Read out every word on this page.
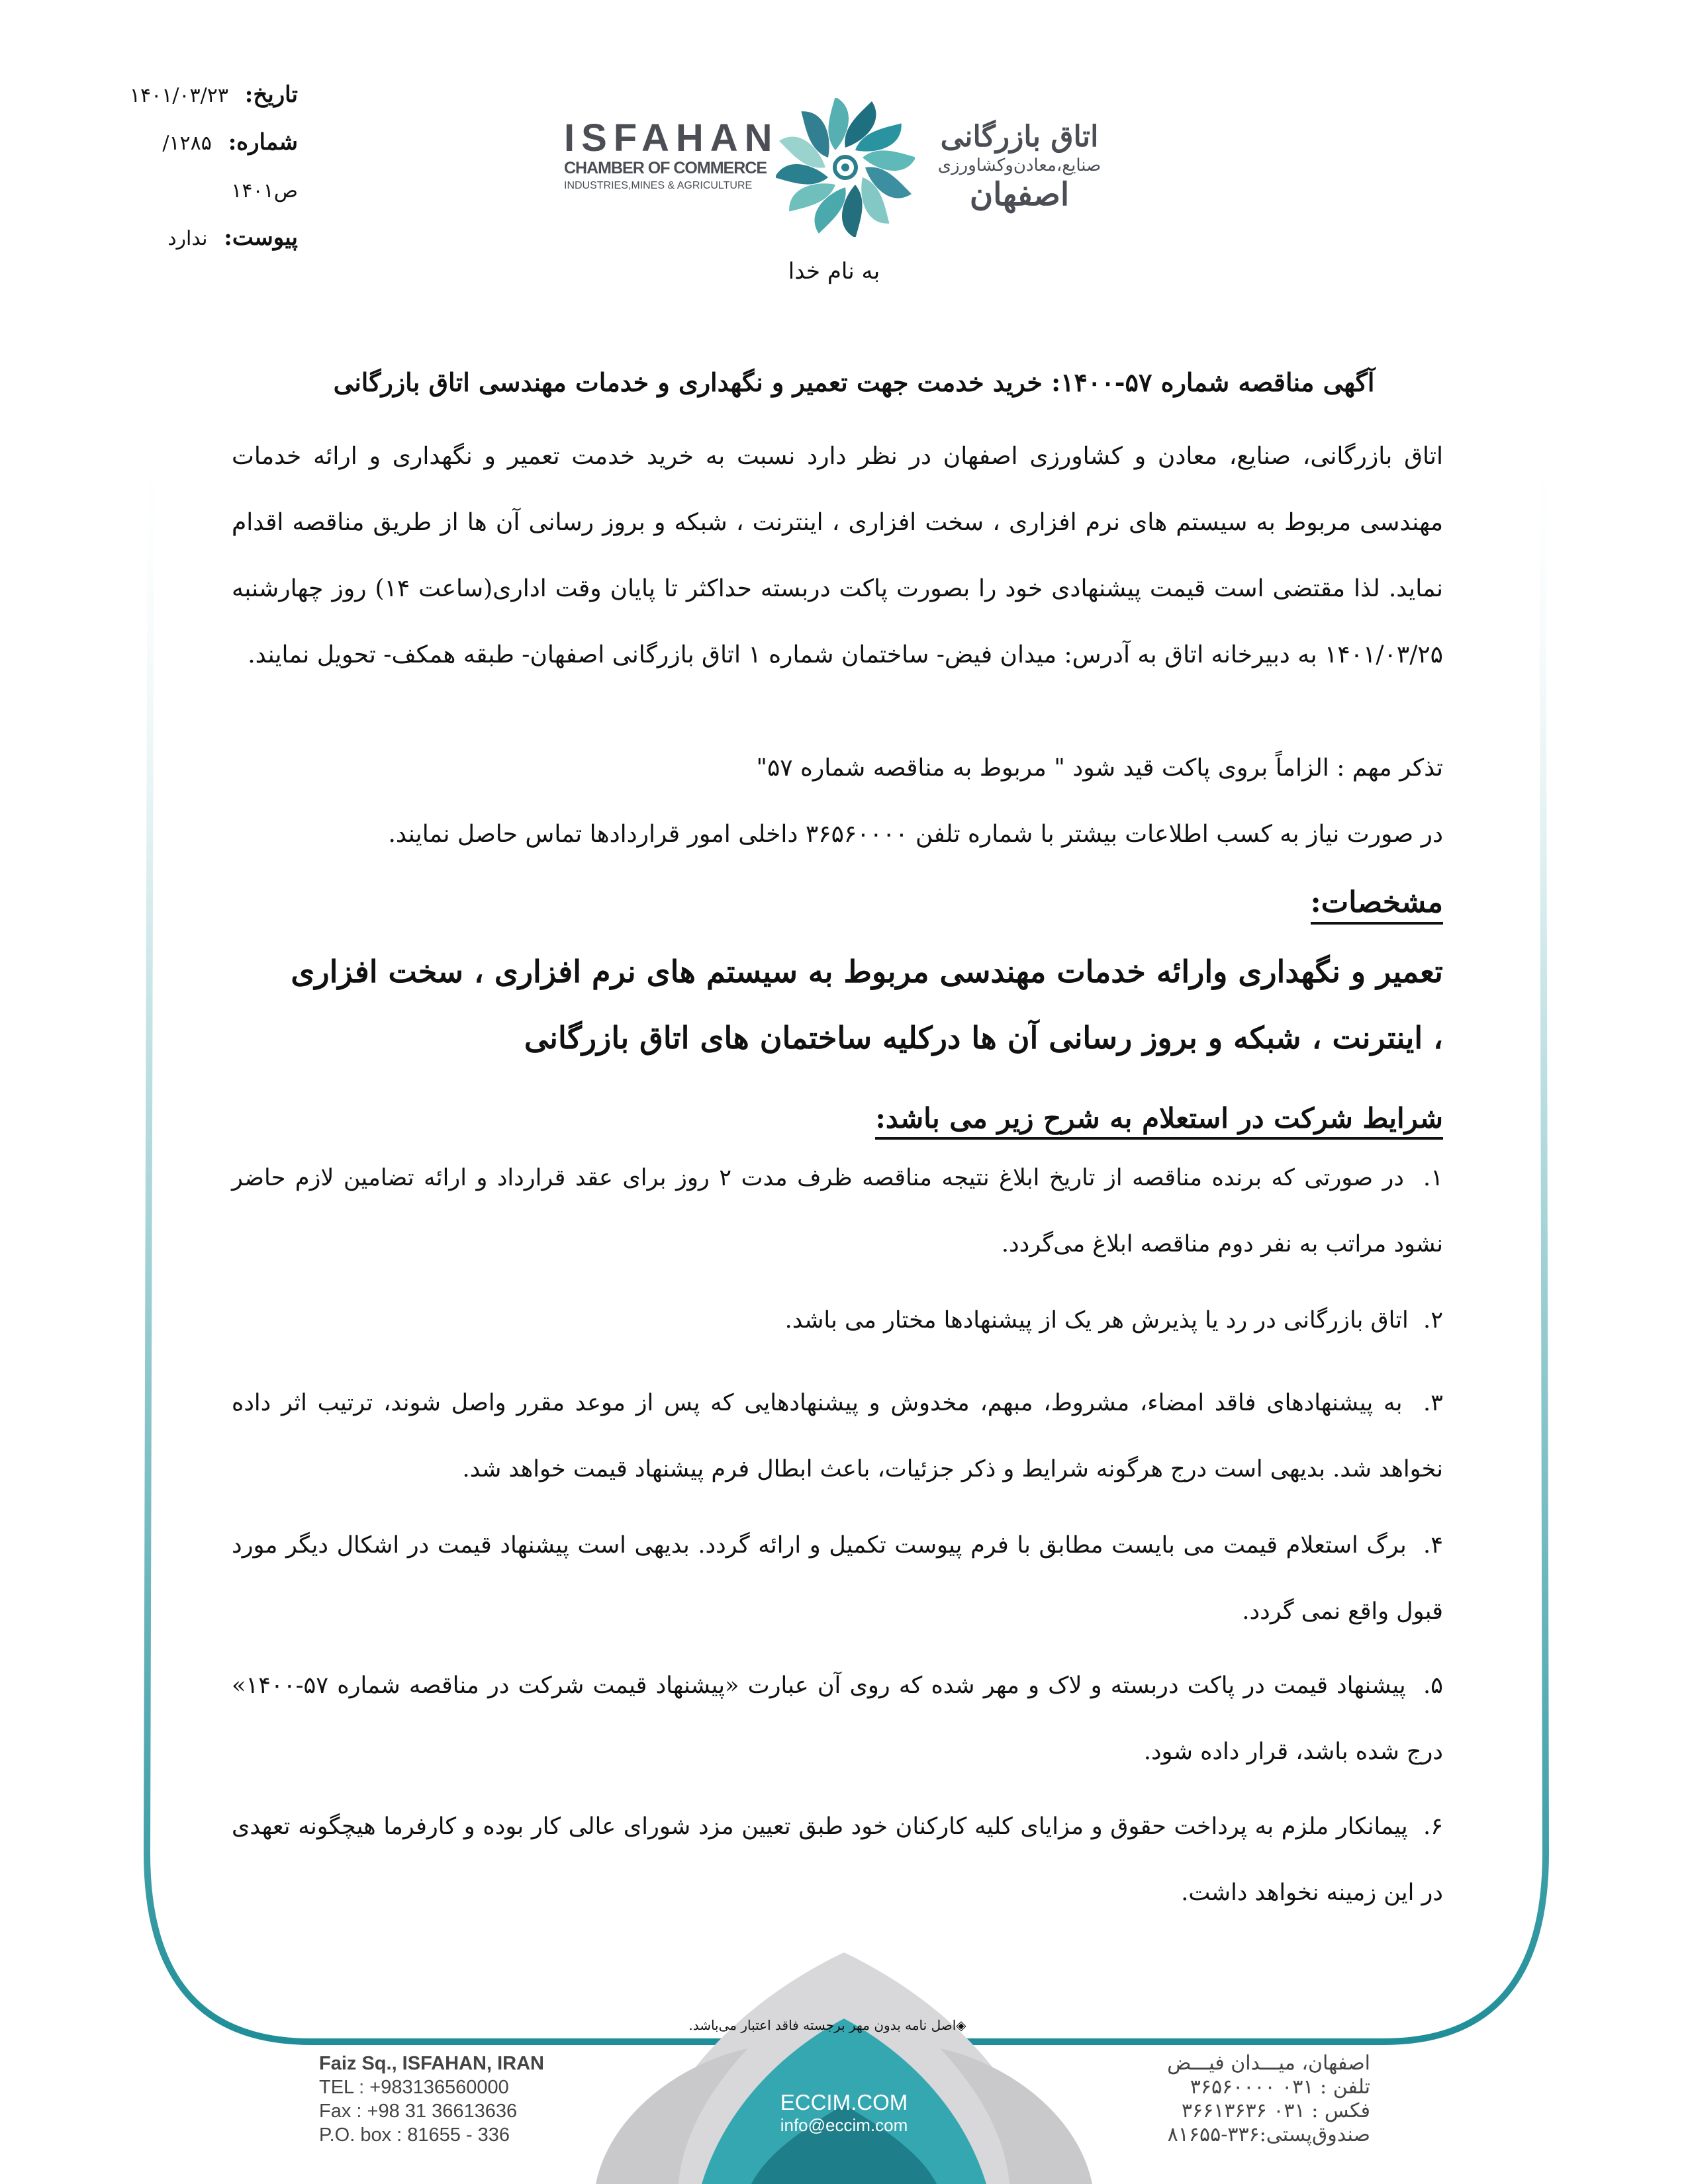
تاریخ: ۱۴۰۱/۰۳/۲۳
شماره: ۱۲۸۵/ص۱۴۰۱
پیوست: ندارد
ISFAHAN
CHAMBER OF COMMERCE
INDUSTRIES,MINES & AGRICULTURE
اتاق بازرگانی
صنایع،معادن‌وکشاورزی
اصفهان
به نام خدا
آگهی مناقصه شماره ۵۷-۱۴۰۰: خرید خدمت جهت تعمیر و نگهداری و خدمات مهندسی اتاق بازرگانی
اتاق بازرگانی، صنایع، معادن و کشاورزی اصفهان در نظر دارد نسبت به خرید خدمت تعمیر و نگهداری و ارائه خدمات مهندسی مربوط به سیستم های نرم افزاری ، سخت افزاری ، اینترنت ، شبکه و بروز رسانی آن ها از طریق مناقصه اقدام نماید. لذا مقتضی است قیمت پیشنهادی خود را بصورت پاکت دربسته حداکثر تا پایان وقت اداری(ساعت ۱۴) روز چهارشنبه ۱۴۰۱/۰۳/۲۵ به دبیرخانه اتاق به آدرس: میدان فیض- ساختمان شماره ۱ اتاق بازرگانی اصفهان- طبقه همکف- تحویل نمایند.
تذکر مهم : الزاماً بروی پاکت قید شود " مربوط به مناقصه شماره ۵۷"
در صورت نیاز به کسب اطلاعات بیشتر با شماره تلفن ۳۶۵۶۰۰۰۰ داخلی امور قراردادها تماس حاصل نمایند.
مشخصات:
تعمیر و نگهداری وارائه خدمات مهندسی مربوط به سیستم های نرم افزاری ، سخت افزاری ، اینترنت ، شبکه و بروز رسانی آن ها درکلیه ساختمان های اتاق بازرگانی
شرایط شرکت در استعلام به شرح زیر می باشد:
۱.  در صورتی که برنده مناقصه از تاریخ ابلاغ نتیجه مناقصه ظرف مدت ۲ روز برای عقد قرارداد و ارائه تضامین لازم حاضر نشود مراتب به نفر دوم مناقصه ابلاغ می‌گردد.
۲.  اتاق بازرگانی در رد یا پذیرش هر یک از پیشنهادها مختار می باشد.
۳.  به پیشنهادهای فاقد امضاء، مشروط، مبهم، مخدوش و پیشنهادهایی که پس از موعد مقرر واصل شوند، ترتیب اثر داده نخواهد شد. بدیهی است درج هرگونه شرایط و ذکر جزئیات، باعث ابطال فرم پیشنهاد قیمت خواهد شد.
۴.  برگ استعلام قیمت می بایست مطابق با فرم پیوست تکمیل و ارائه گردد. بدیهی است پیشنهاد قیمت در اشکال دیگر مورد قبول واقع نمی گردد.
۵.  پیشنهاد قیمت در پاکت دربسته و لاک و مهر شده که روی آن عبارت «پیشنهاد قیمت شرکت در مناقصه شماره ۵۷-۱۴۰۰» درج شده باشد، قرار داده شود.
۶.  پیمانکار ملزم به پرداخت حقوق و مزایای کلیه کارکنان خود طبق تعیین مزد شورای عالی کار بوده و کارفرما هیچگونه تعهدی در این زمینه نخواهد داشت.
◈اصل نامه بدون مهر برجسته فاقد اعتبار می‌باشد.
Faiz Sq., ISFAHAN, IRAN
TEL : +983136560000
Fax : +98 31 36613636
P.O. box : 81655 - 336
ECCIM.COM
info@eccim.com
اصفهان، میـــدان فیـــض
تلفن : ۰۳۱ ۳۶۵۶۰۰۰۰
فکس : ۰۳۱ ۳۶۶۱۳۶۳۶
صندوق‌پستی:۳۳۶-۸۱۶۵۵
